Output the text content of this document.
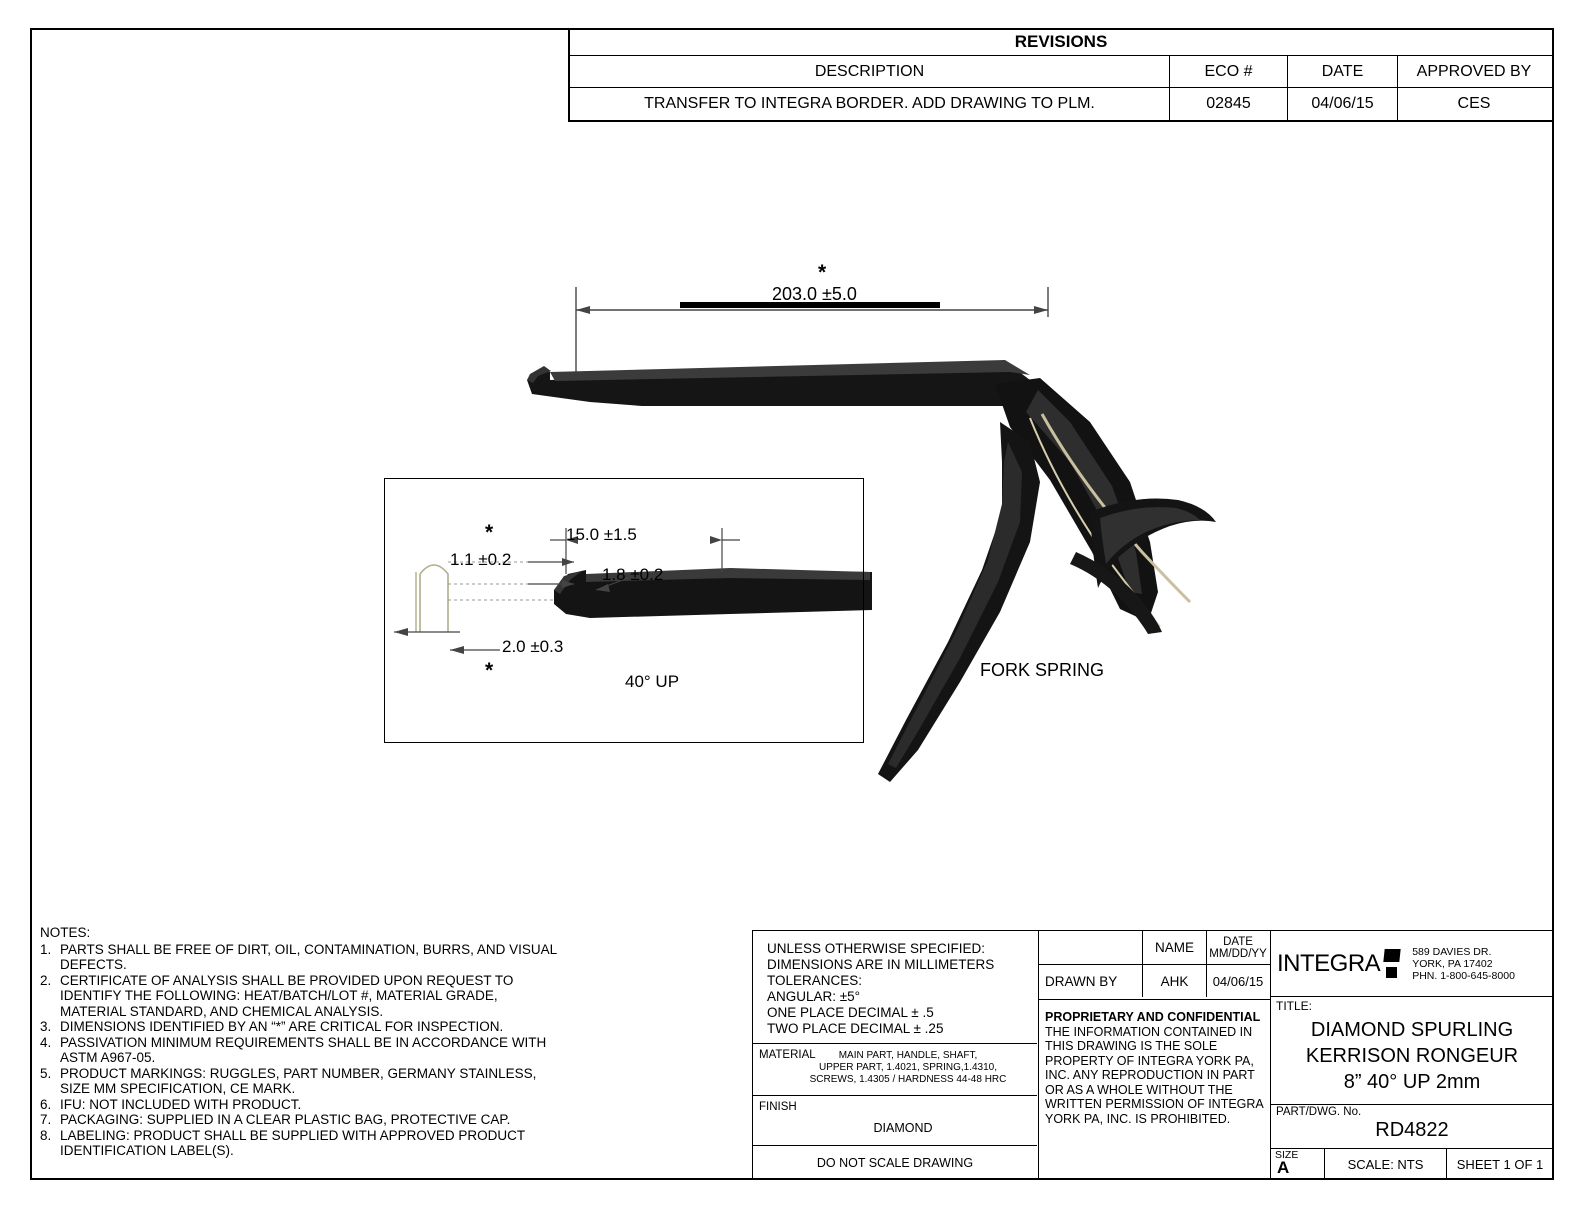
REVISIONS
DESCRIPTION	ECO #	DATE	APPROVED BY
TRANSFER TO INTEGRA BORDER. ADD DRAWING TO PLM.	02845	04/06/15	CES
*
203.0 ±5.0
FORK SPRING
*
1.1 ±0.2
15.0 ±1.5
1.8 ±0.2
2.0 ±0.3
*	40° UP
NOTES:
1. PARTS SHALL BE FREE OF DIRT, OIL, CONTAMINATION, BURRS, AND VISUAL DEFECTS.
2. CERTIFICATE OF ANALYSIS SHALL BE PROVIDED UPON REQUEST TO IDENTIFY THE FOLLOWING: HEAT/BATCH/LOT #, MATERIAL GRADE, MATERIAL STANDARD, AND CHEMICAL ANALYSIS.
3. DIMENSIONS IDENTIFIED BY AN “*” ARE CRITICAL FOR INSPECTION.
4. PASSIVATION MINIMUM REQUIREMENTS SHALL BE IN ACCORDANCE WITH ASTM A967-05.
5. PRODUCT MARKINGS: RUGGLES, PART NUMBER, GERMANY STAINLESS, SIZE MM SPECIFICATION, CE MARK.
6. IFU: NOT INCLUDED WITH PRODUCT.
7. PACKAGING: SUPPLIED IN A CLEAR PLASTIC BAG, PROTECTIVE CAP.
8. LABELING: PRODUCT SHALL BE SUPPLIED WITH APPROVED PRODUCT IDENTIFICATION LABEL(S).
UNLESS OTHERWISE SPECIFIED:
DIMENSIONS ARE IN MILLIMETERS
TOLERANCES:
ANGULAR: ±5°
ONE PLACE DECIMAL ± .5
TWO PLACE DECIMAL ± .25
MATERIAL	MAIN PART, HANDLE, SHAFT,
UPPER PART, 1.4021, SPRING,1.4310,
SCREWS, 1.4305 / HARDNESS 44-48 HRC
FINISH
DIAMOND
DO NOT SCALE DRAWING
NAME	DATE
MM/DD/YY
DRAWN BY	AHK	04/06/15
PROPRIETARY AND CONFIDENTIAL
THE INFORMATION CONTAINED IN THIS DRAWING IS THE SOLE PROPERTY OF INTEGRA YORK PA, INC. ANY REPRODUCTION IN PART OR AS A WHOLE WITHOUT THE WRITTEN PERMISSION OF INTEGRA YORK PA, INC. IS PROHIBITED.
INTEGRA	589 DAVIES DR.
YORK, PA 17402
PHN. 1-800-645-8000
TITLE:
DIAMOND SPURLING
KERRISON RONGEUR
8” 40° UP 2mm
PART/DWG. No.
RD4822
SIZE
A	SCALE: NTS	SHEET 1 OF 1
